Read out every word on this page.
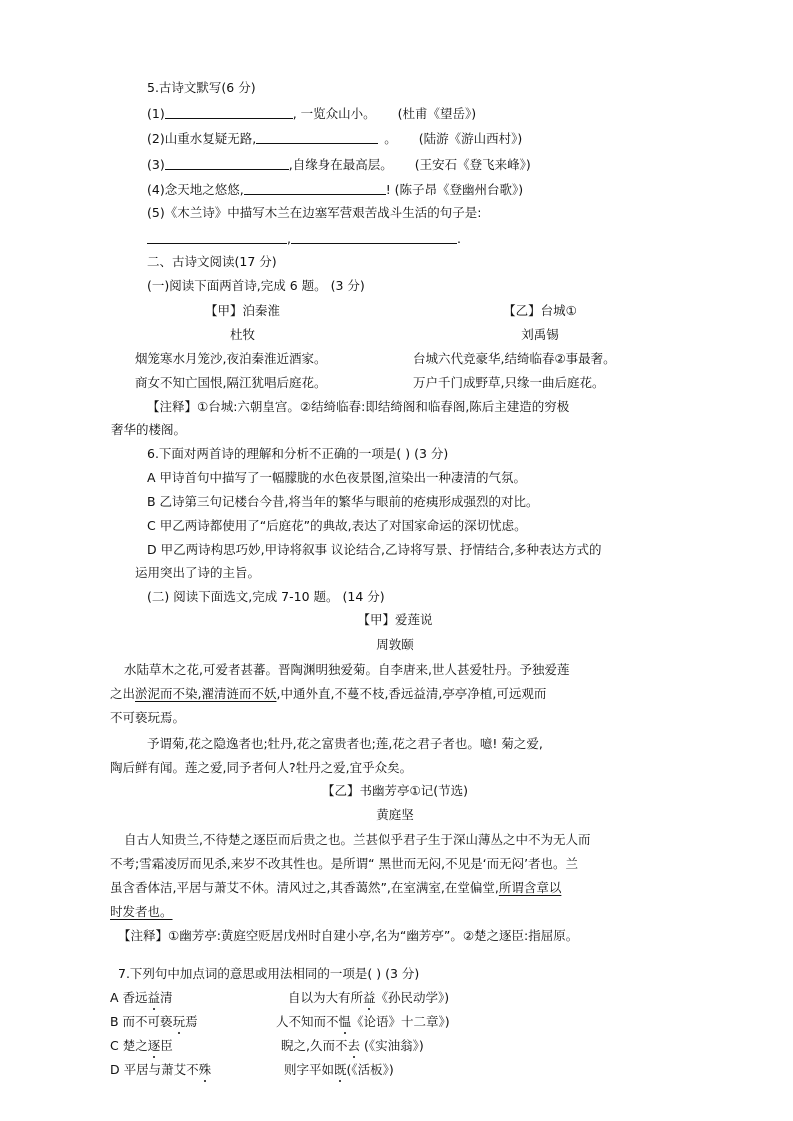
5.古诗文默写(6 分)
(1)	, 一览众山小。 (杜甫《望岳》)
(2)山重水复疑无路,	。 (陆游《游山西村》)
(3)	,自缘身在最高层。 (王安石《登飞来峰》)
(4)念天地之悠悠,	! (陈子昂《登幽州台歌》)
(5)《木兰诗》中描写木兰在边塞军营艰苦战斗生活的句子是:
,	.
二、古诗文阅读(17 分)
(一)阅读下面两首诗,完成 6 题。 (3 分)
【甲】泊秦淮	【乙】台城①
杜牧	刘禹锡
烟笼寒水月笼沙,夜泊秦淮近酒家。	台城六代竞豪华,结绮临春②事最奢。
商女不知亡国恨,隔江犹唱后庭花。	万户千门成野草,只缘一曲后庭花。
【注释】①台城:六朝皇宫。②结绮临春:即结绮阁和临春阁,陈后主建造的穷极
奢华的楼阁。
6.下面对两首诗的理解和分析不正确的一项是( ) (3 分)
A 甲诗首句中描写了一幅朦胧的水色夜景图,渲染出一种凄清的气氛。
B 乙诗第三句记楼台今昔,将当年的繁华与眼前的疮痍形成强烈的对比。
C 甲乙两诗都使用了“后庭花”的典故,表达了对国家命运的深切忧虑。
D 甲乙两诗构思巧妙,甲诗将叙事 议论结合,乙诗将写景、抒情结合,多种表达方式的
运用突出了诗的主旨。
(二) 阅读下面选文,完成 7-10 题。 (14 分)
【甲】爱莲说
周敦颐
水陆草木之花,可爱者甚蕃。晋陶渊明独爱菊。自李唐来,世人甚爱牡丹。予独爱莲
之出淤泥而不染,濯清涟而不妖,中通外直,不蔓不枝,香远益清,亭亭净植,可远观而
不可亵玩焉。
予谓菊,花之隐逸者也;牡丹,花之富贵者也;莲,花之君子者也。噫! 菊之爱,
陶后鲜有闻。莲之爱,同予者何人?牡丹之爱,宜乎众矣。
【乙】书幽芳亭①记(节选)
黄庭坚
自古人知贵兰,不待楚之逐臣而后贵之也。兰甚似乎君子生于深山薄丛之中不为无人而
不考;雪霜凌厉而见杀,来岁不改其性也。是所谓“ 黑世而无闷,不见是‘而无闷’者也。兰
虽含香体洁,平居与萧艾不休。清风过之,其香蔼然”,在室满室,在堂偏堂,所谓含章以
时发者也。
【注释】①幽芳亭:黄庭空贬居戊州时自建小亭,名为“幽芳亭”。②楚之逐臣:指屈原。
7.下列句中加点词的意思或用法相同的一项是( ) (3 分)
A 香远益清	自以为大有所益《孙民动学》)
B 而不可亵玩焉	人不知而不愠《论语》十二章》)
C 楚之逐臣	睨之,久而不去 (《实油翁》)
D 平居与萧艾不殊	则字平如既(《活板》)
